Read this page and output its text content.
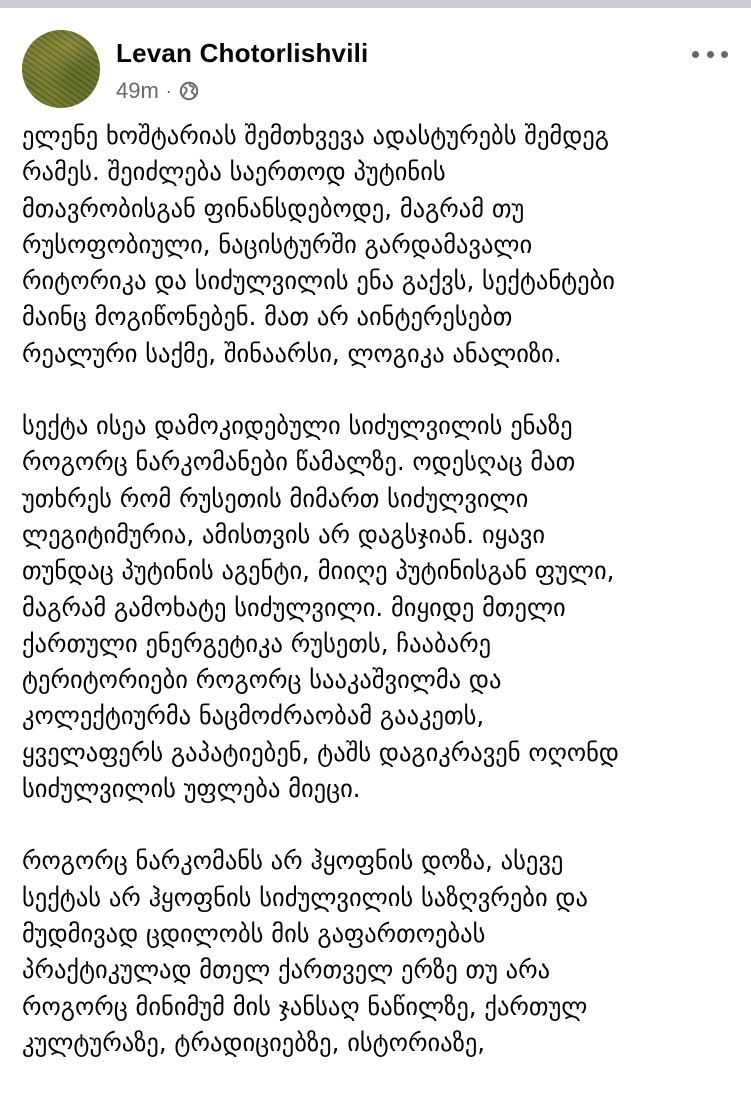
Levan Chotorlishvili
49m ·
ელენე ხოშტარიას შემთხვევა ადასტურებს შემდეგ
რამეს. შეიძლება საერთოდ პუტინის
მთავრობისგან ფინანსდებოდე, მაგრამ თუ
რუსოფობიული, ნაცისტურში გარდამავალი
რიტორიკა და სიძულვილის ენა გაქვს, სექტანტები
მაინც მოგიწონებენ. მათ არ აინტერესებთ
რეალური საქმე, შინაარსი, ლოგიკა ანალიზი.
სექტა ისეა დამოკიდებული სიძულვილის ენაზე
როგორც ნარკომანები წამალზე. ოდესღაც მათ
უთხრეს რომ რუსეთის მიმართ სიძულვილი
ლეგიტიმურია, ამისთვის არ დაგსჯიან. იყავი
თუნდაც პუტინის აგენტი, მიიღე პუტინისგან ფული,
მაგრამ გამოხატე სიძულვილი. მიყიდე მთელი
ქართული ენერგეტიკა რუსეთს, ჩააბარე
ტერიტორიები როგორც სააკაშვილმა და
კოლექტიურმა ნაცმოძრაობამ გააკეთს,
ყველაფერს გაპატიებენ, ტაშს დაგიკრავენ ოღონდ
სიძულვილის უფლება მიეცი.
როგორც ნარკომანს არ ჰყოფნის დოზა, ასევე
სექტას არ ჰყოფნის სიძულვილის საზღვრები და
მუდმივად ცდილობს მის გაფართოებას
პრაქტიკულად მთელ ქართველ ერზე თუ არა
როგორც მინიმუმ მის ჯანსაღ ნაწილზე, ქართულ
კულტურაზე, ტრადიციებზე, ისტორიაზე,
